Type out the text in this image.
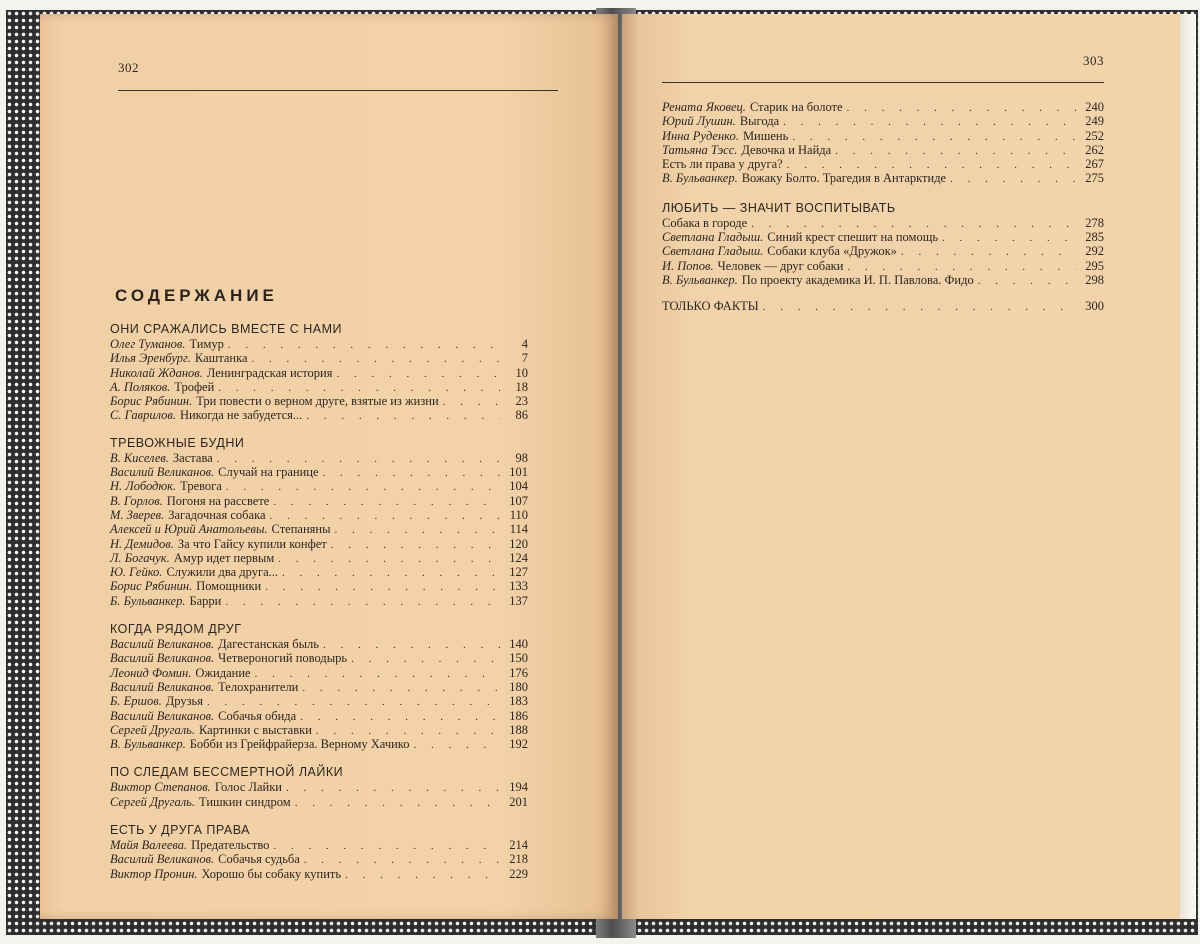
302	303
СОДЕРЖАНИЕ
ОНИ СРАЖАЛИСЬ ВМЕСТЕ С НАМИ
Олег Туманов. Тимур . . .	4
Илья Эренбург. Каштанка . . .	7
Николай Жданов. Ленинградская история . . .	10
А. Поляков. Трофей . . .	18
Борис Рябинин. Три повести о верном друге, взятые из жизни . . .	23
С. Гаврилов. Никогда не забудется... . . .	86
ТРЕВОЖНЫЕ БУДНИ
В. Киселев. Застава . . .	98
Василий Великанов. Случай на границе . . .	101
Н. Лободюк. Тревога . . .	104
В. Горлов. Погоня на рассвете . . .	107
М. Зверев. Загадочная собака . . .	110
Алексей и Юрий Анатольевы. Степаняны . . .	114
Н. Демидов. За что Гайсу купили конфет . . .	120
Л. Богачук. Амур идет первым . . .	124
Ю. Гейко. Служили два друга... . . .	127
Борис Рябинин. Помощники . . .	133
Б. Бульванкер. Барри . . .	137
КОГДА РЯДОМ ДРУГ
Василий Великанов. Дагестанская быль . . .	140
Василий Великанов. Четвероногий поводырь . . .	150
Леонид Фомин. Ожидание . . .	176
Василий Великанов. Телохранители . . .	180
Б. Ершов. Друзья . . .	183
Василий Великанов. Собачья обида . . .	186
Сергей Другаль. Картинки с выставки . . .	188
В. Бульванкер. Бобби из Грейфрайерза. Верному Хачико . . .	192
ПО СЛЕДАМ БЕССМЕРТНОЙ ЛАЙКИ
Виктор Степанов. Голос Лайки . . .	194
Сергей Другаль. Тишкин синдром . . .	201
ЕСТЬ У ДРУГА ПРАВА
Майя Валеева. Предательство . . .	214
Василий Великанов. Собачья судьба . . .	218
Виктор Пронин. Хорошо бы собаку купить . . .	229
Рената Яковец. Старик на болоте . . .	240
Юрий Лушин. Выгода . . .	249
Инна Руденко. Мишень . . .	252
Татьяна Тэсс. Девочка и Найда . . .	262
Есть ли права у друга? . . .	267
В. Бульванкер. Вожаку Болто. Трагедия в Антарктиде . . .	275
ЛЮБИТЬ — ЗНАЧИТ ВОСПИТЫВАТЬ
Собака в городе . . .	278
Светлана Гладыш. Синий крест спешит на помощь . . .	285
Светлана Гладыш. Собаки клуба «Дружок» . . .	292
И. Попов. Человек — друг собаки . . .	295
В. Бульванкер. По проекту академика И. П. Павлова. Фидо . . .	298
ТОЛЬКО ФАКТЫ . . .	300
